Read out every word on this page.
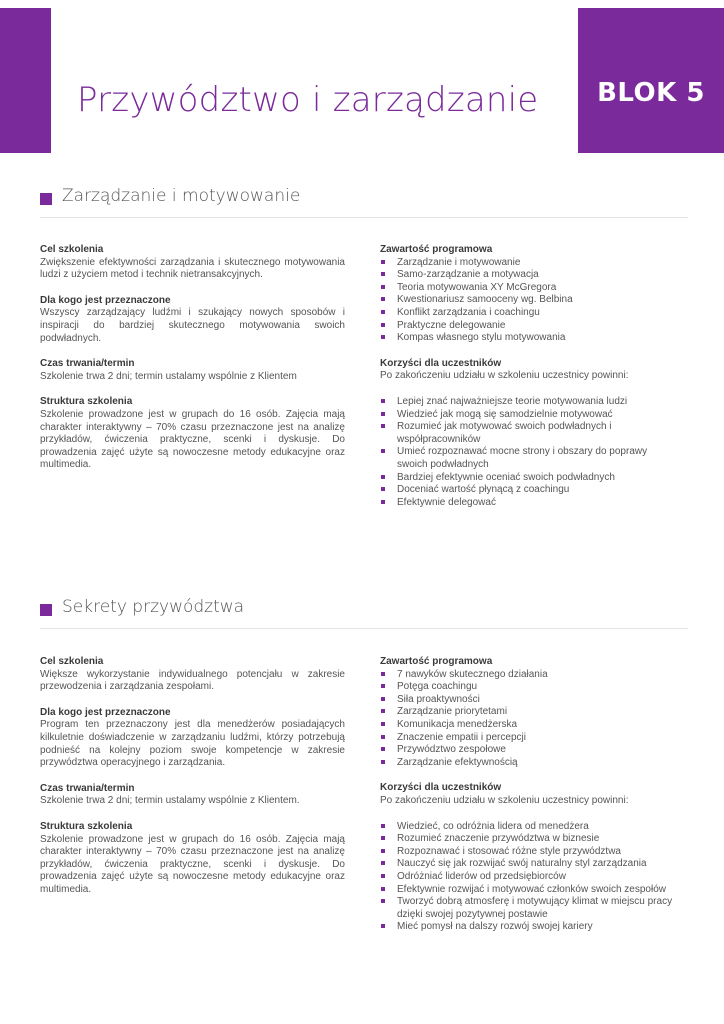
BLOK 5
Przywództwo i zarządzanie
Zarządzanie i motywowanie
Cel szkolenia
Zwiększenie efektywności zarządzania i skutecznego motywowania ludzi z użyciem metod i technik nietransakcyjnych.
Dla kogo jest przeznaczone
Wszyscy zarządzający ludźmi i szukający nowych sposobów i inspiracji do bardziej skutecznego motywowania swoich podwładnych.
Czas trwania/termin
Szkolenie trwa 2 dni; termin ustalamy wspólnie z Klientem
Struktura szkolenia
Szkolenie prowadzone jest w grupach do 16 osób. Zajęcia mają charakter interaktywny – 70% czasu przeznaczone jest na analizę przykładów, ćwiczenia praktyczne, scenki i dyskusje. Do prowadzenia zajęć użyte są nowoczesne metody edukacyjne oraz multimedia.
Zawartość programowa
Zarządzanie i motywowanie
Samo-zarządzanie a motywacja
Teoria motywowania XY McGregora
Kwestionariusz samooceny wg. Belbina
Konflikt zarządzania i coachingu
Praktyczne delegowanie
Kompas własnego stylu motywowania
Korzyści dla uczestników
Po zakończeniu udziału w szkoleniu uczestnicy powinni:
Lepiej znać najważniejsze teorie motywowania ludzi
Wiedzieć jak mogą się samodzielnie motywować
Rozumieć jak motywować swoich podwładnych i współpracowników
Umieć rozpoznawać mocne strony i obszary do poprawy swoich podwładnych
Bardziej efektywnie oceniać swoich podwładnych
Doceniać wartość płynącą z coachingu
Efektywnie delegować
Sekrety przywództwa
Cel szkolenia
Większe wykorzystanie indywidualnego potencjału w zakresie przewodzenia i zarządzania zespołami.
Dla kogo jest przeznaczone
Program ten przeznaczony jest dla menedżerów posiadających kilkuletnie doświadczenie w zarządzaniu ludźmi, którzy potrzebują podnieść na kolejny poziom swoje kompetencje w zakresie przywództwa operacyjnego i zarządzania.
Czas trwania/termin
Szkolenie trwa 2 dni; termin ustalamy wspólnie z Klientem.
Struktura szkolenia
Szkolenie prowadzone jest w grupach do 16 osób. Zajęcia mają charakter interaktywny – 70% czasu przeznaczone jest na analizę przykładów, ćwiczenia praktyczne, scenki i dyskusje. Do prowadzenia zajęć użyte są nowoczesne metody edukacyjne oraz multimedia.
Zawartość programowa
7 nawyków skutecznego działania
Potęga coachingu
Siła proaktywności
Zarządzanie priorytetami
Komunikacja menedżerska
Znaczenie empatii i percepcji
Przywództwo zespołowe
Zarządzanie efektywnością
Korzyści dla uczestników
Po zakończeniu udziału w szkoleniu uczestnicy powinni:
Wiedzieć, co odróżnia lidera od menedżera
Rozumieć znaczenie przywództwa w biznesie
Rozpoznawać i stosować różne style przywództwa
Nauczyć się jak rozwijać swój naturalny styl zarządzania
Odróżniać liderów od przedsiębiorców
Efektywnie rozwijać i motywować członków swoich zespołów
Tworzyć dobrą atmosferę i motywujący klimat w miejscu pracy dzięki swojej pozytywnej postawie
Mieć pomysł na dalszy rozwój swojej kariery
